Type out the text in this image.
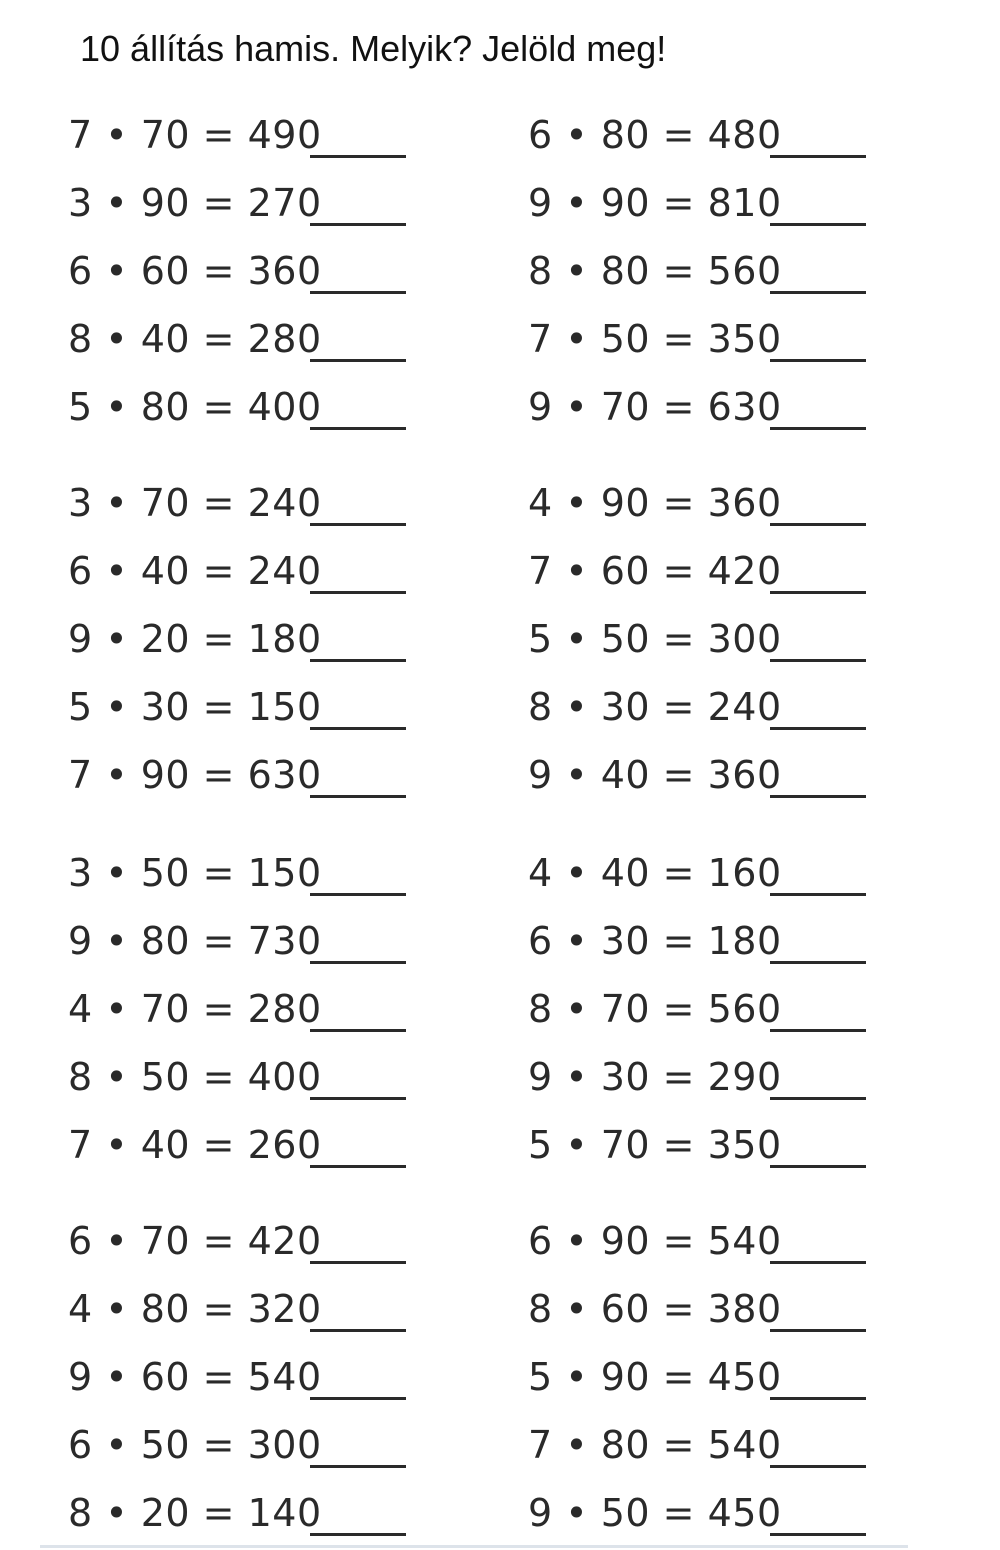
10 állítás hamis. Melyik? Jelöld meg!
7 • 70 = 490
3 • 90 = 270
6 • 60 = 360
8 • 40 = 280
5 • 80 = 400
3 • 70 = 240
6 • 40 = 240
9 • 20 = 180
5 • 30 = 150
7 • 90 = 630
3 • 50 = 150
9 • 80 = 730
4 • 70 = 280
8 • 50 = 400
7 • 40 = 260
6 • 70 = 420
4 • 80 = 320
9 • 60 = 540
6 • 50 = 300
8 • 20 = 140
6 • 80 = 480
9 • 90 = 810
8 • 80 = 560
7 • 50 = 350
9 • 70 = 630
4 • 90 = 360
7 • 60 = 420
5 • 50 = 300
8 • 30 = 240
9 • 40 = 360
4 • 40 = 160
6 • 30 = 180
8 • 70 = 560
9 • 30 = 290
5 • 70 = 350
6 • 90 = 540
8 • 60 = 380
5 • 90 = 450
7 • 80 = 540
9 • 50 = 450
